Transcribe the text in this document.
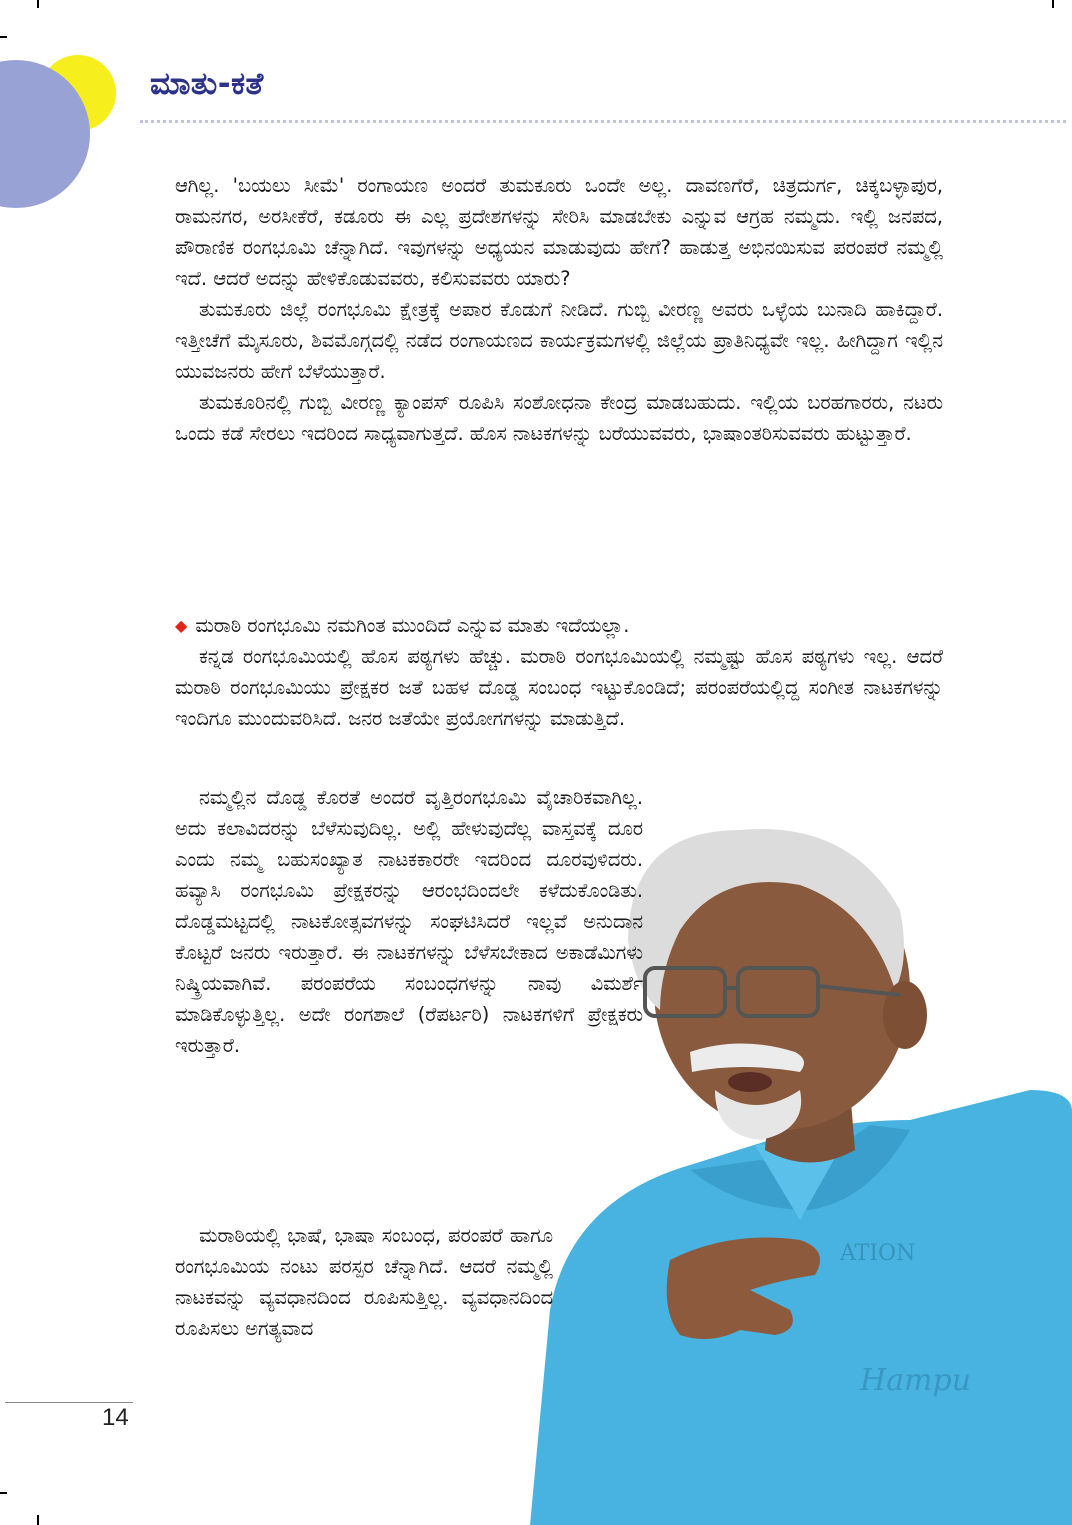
ಮಾತು-ಕತೆ
ATION
Hampu

ಆಗಿಲ್ಲ. 'ಬಯಲು ಸೀಮೆ' ರಂಗಾಯಣ ಅಂದರೆ ತುಮಕೂರು ಒಂದೇ ಅಲ್ಲ. ದಾವಣಗೆರೆ, ಚಿತ್ರದುರ್ಗ, ಚಿಕ್ಕಬಳ್ಳಾಪುರ, ರಾಮನಗರ, ಅರಸೀಕೆರೆ, ಕಡೂರು ಈ ಎಲ್ಲ ಪ್ರದೇಶಗಳನ್ನು ಸೇರಿಸಿ ಮಾಡಬೇಕು ಎನ್ನುವ ಆಗ್ರಹ ನಮ್ಮದು. ಇಲ್ಲಿ ಜನಪದ, ಪೌರಾಣಿಕ ರಂಗಭೂಮಿ ಚೆನ್ನಾಗಿದೆ. ಇವುಗಳನ್ನು ಅಧ್ಯಯನ ಮಾಡುವುದು ಹೇಗೆ? ಹಾಡುತ್ತ ಅಭಿನಯಿಸುವ ಪರಂಪರೆ ನಮ್ಮಲ್ಲಿ ಇದೆ. ಆದರೆ ಅದನ್ನು ಹೇಳಿಕೊಡುವವರು, ಕಲಿಸುವವರು ಯಾರು?

ತುಮಕೂರು ಜಿಲ್ಲೆ ರಂಗಭೂಮಿ ಕ್ಷೇತ್ರಕ್ಕೆ ಅಪಾರ ಕೊಡುಗೆ ನೀಡಿದೆ. ಗುಬ್ಬಿ ವೀರಣ್ಣ ಅವರು ಒಳ್ಳೆಯ ಬುನಾದಿ ಹಾಕಿದ್ದಾರೆ. ಇತ್ತೀಚೆಗೆ ಮೈಸೂರು, ಶಿವಮೊಗ್ಗದಲ್ಲಿ ನಡೆದ ರಂಗಾಯಣದ ಕಾರ್ಯಕ್ರಮಗಳಲ್ಲಿ ಜಿಲ್ಲೆಯ ಪ್ರಾತಿನಿಧ್ಯವೇ ಇಲ್ಲ. ಹೀಗಿದ್ದಾಗ ಇಲ್ಲಿನ ಯುವಜನರು ಹೇಗೆ ಬೆಳೆಯುತ್ತಾರೆ.

ತುಮಕೂರಿನಲ್ಲಿ ಗುಬ್ಬಿ ವೀರಣ್ಣ ಕ್ಯಾಂಪಸ್ ರೂಪಿಸಿ ಸಂಶೋಧನಾ ಕೇಂದ್ರ ಮಾಡಬಹುದು. ಇಲ್ಲಿಯ ಬರಹಗಾರರು, ನಟರು ಒಂದು ಕಡೆ ಸೇರಲು ಇದರಿಂದ ಸಾಧ್ಯವಾಗುತ್ತದೆ. ಹೊಸ ನಾಟಕಗಳನ್ನು ಬರೆಯುವವರು, ಭಾಷಾಂತರಿಸುವವರು ಹುಟ್ಟುತ್ತಾರೆ.

◆ ಮರಾಠಿ ರಂಗಭೂಮಿ ನಮಗಿಂತ ಮುಂದಿದೆ ಎನ್ನುವ ಮಾತು ಇದೆಯಲ್ಲಾ.

ಕನ್ನಡ ರಂಗಭೂಮಿಯಲ್ಲಿ ಹೊಸ ಪಠ್ಯಗಳು ಹೆಚ್ಚು. ಮರಾಠಿ ರಂಗಭೂಮಿಯಲ್ಲಿ ನಮ್ಮಷ್ಟು ಹೊಸ ಪಠ್ಯಗಳು ಇಲ್ಲ. ಆದರೆ ಮರಾಠಿ ರಂಗಭೂಮಿಯು ಪ್ರೇಕ್ಷಕರ ಜತೆ ಬಹಳ ದೊಡ್ಡ ಸಂಬಂಧ ಇಟ್ಟುಕೊಂಡಿದೆ; ಪರಂಪರೆಯಲ್ಲಿದ್ದ ಸಂಗೀತ ನಾಟಕಗಳನ್ನು ಇಂದಿಗೂ ಮುಂದುವರಿಸಿದೆ. ಜನರ ಜತೆಯೇ ಪ್ರಯೋಗಗಳನ್ನು ಮಾಡುತ್ತಿದೆ.

ನಮ್ಮಲ್ಲಿನ ದೊಡ್ಡ ಕೊರತೆ ಅಂದರೆ ವೃತ್ತಿರಂಗಭೂಮಿ ವೈಚಾರಿಕವಾಗಿಲ್ಲ. ಅದು ಕಲಾವಿದರನ್ನು ಬೆಳೆಸುವುದಿಲ್ಲ. ಅಲ್ಲಿ ಹೇಳುವುದೆಲ್ಲ ವಾಸ್ತವಕ್ಕೆ ದೂರ ಎಂದು ನಮ್ಮ ಬಹುಸಂಖ್ಯಾತ ನಾಟಕಕಾರರೇ ಇದರಿಂದ ದೂರವುಳಿದರು. ಹವ್ಯಾಸಿ ರಂಗಭೂಮಿ ಪ್ರೇಕ್ಷಕರನ್ನು ಆರಂಭದಿಂದಲೇ ಕಳೆದುಕೊಂಡಿತು. ದೊಡ್ಡಮಟ್ಟದಲ್ಲಿ ನಾಟಕೋತ್ಸವಗಳನ್ನು ಸಂಘಟಿಸಿದರೆ ಇಲ್ಲವೆ ಅನುದಾನ ಕೊಟ್ಟರೆ ಜನರು ಇರುತ್ತಾರೆ. ಈ ನಾಟಕಗಳನ್ನು ಬೆಳೆಸಬೇಕಾದ ಅಕಾಡೆಮಿಗಳು ನಿಷ್ಕ್ರಿಯವಾಗಿವೆ. ಪರಂಪರೆಯ ಸಂಬಂಧಗಳನ್ನು ನಾವು ವಿಮರ್ಶೆ ಮಾಡಿಕೊಳ್ಳುತ್ತಿಲ್ಲ. ಅದೇ ರಂಗಶಾಲೆ (ರೆಪರ್ಟರಿ) ನಾಟಕಗಳಿಗೆ ಪ್ರೇಕ್ಷಕರು ಇರುತ್ತಾರೆ.

ಮರಾಠಿಯಲ್ಲಿ ಭಾಷೆ, ಭಾಷಾ ಸಂಬಂಧ, ಪರಂಪರೆ ಹಾಗೂ ರಂಗಭೂಮಿಯ ನಂಟು ಪರಸ್ಪರ ಚೆನ್ನಾಗಿದೆ. ಆದರೆ ನಮ್ಮಲ್ಲಿ ನಾಟಕವನ್ನು ವ್ಯವಧಾನದಿಂದ ರೂಪಿಸುತ್ತಿಲ್ಲ. ವ್ಯವಧಾನದಿಂದ ರೂಪಿಸಲು ಅಗತ್ಯವಾದ

14
